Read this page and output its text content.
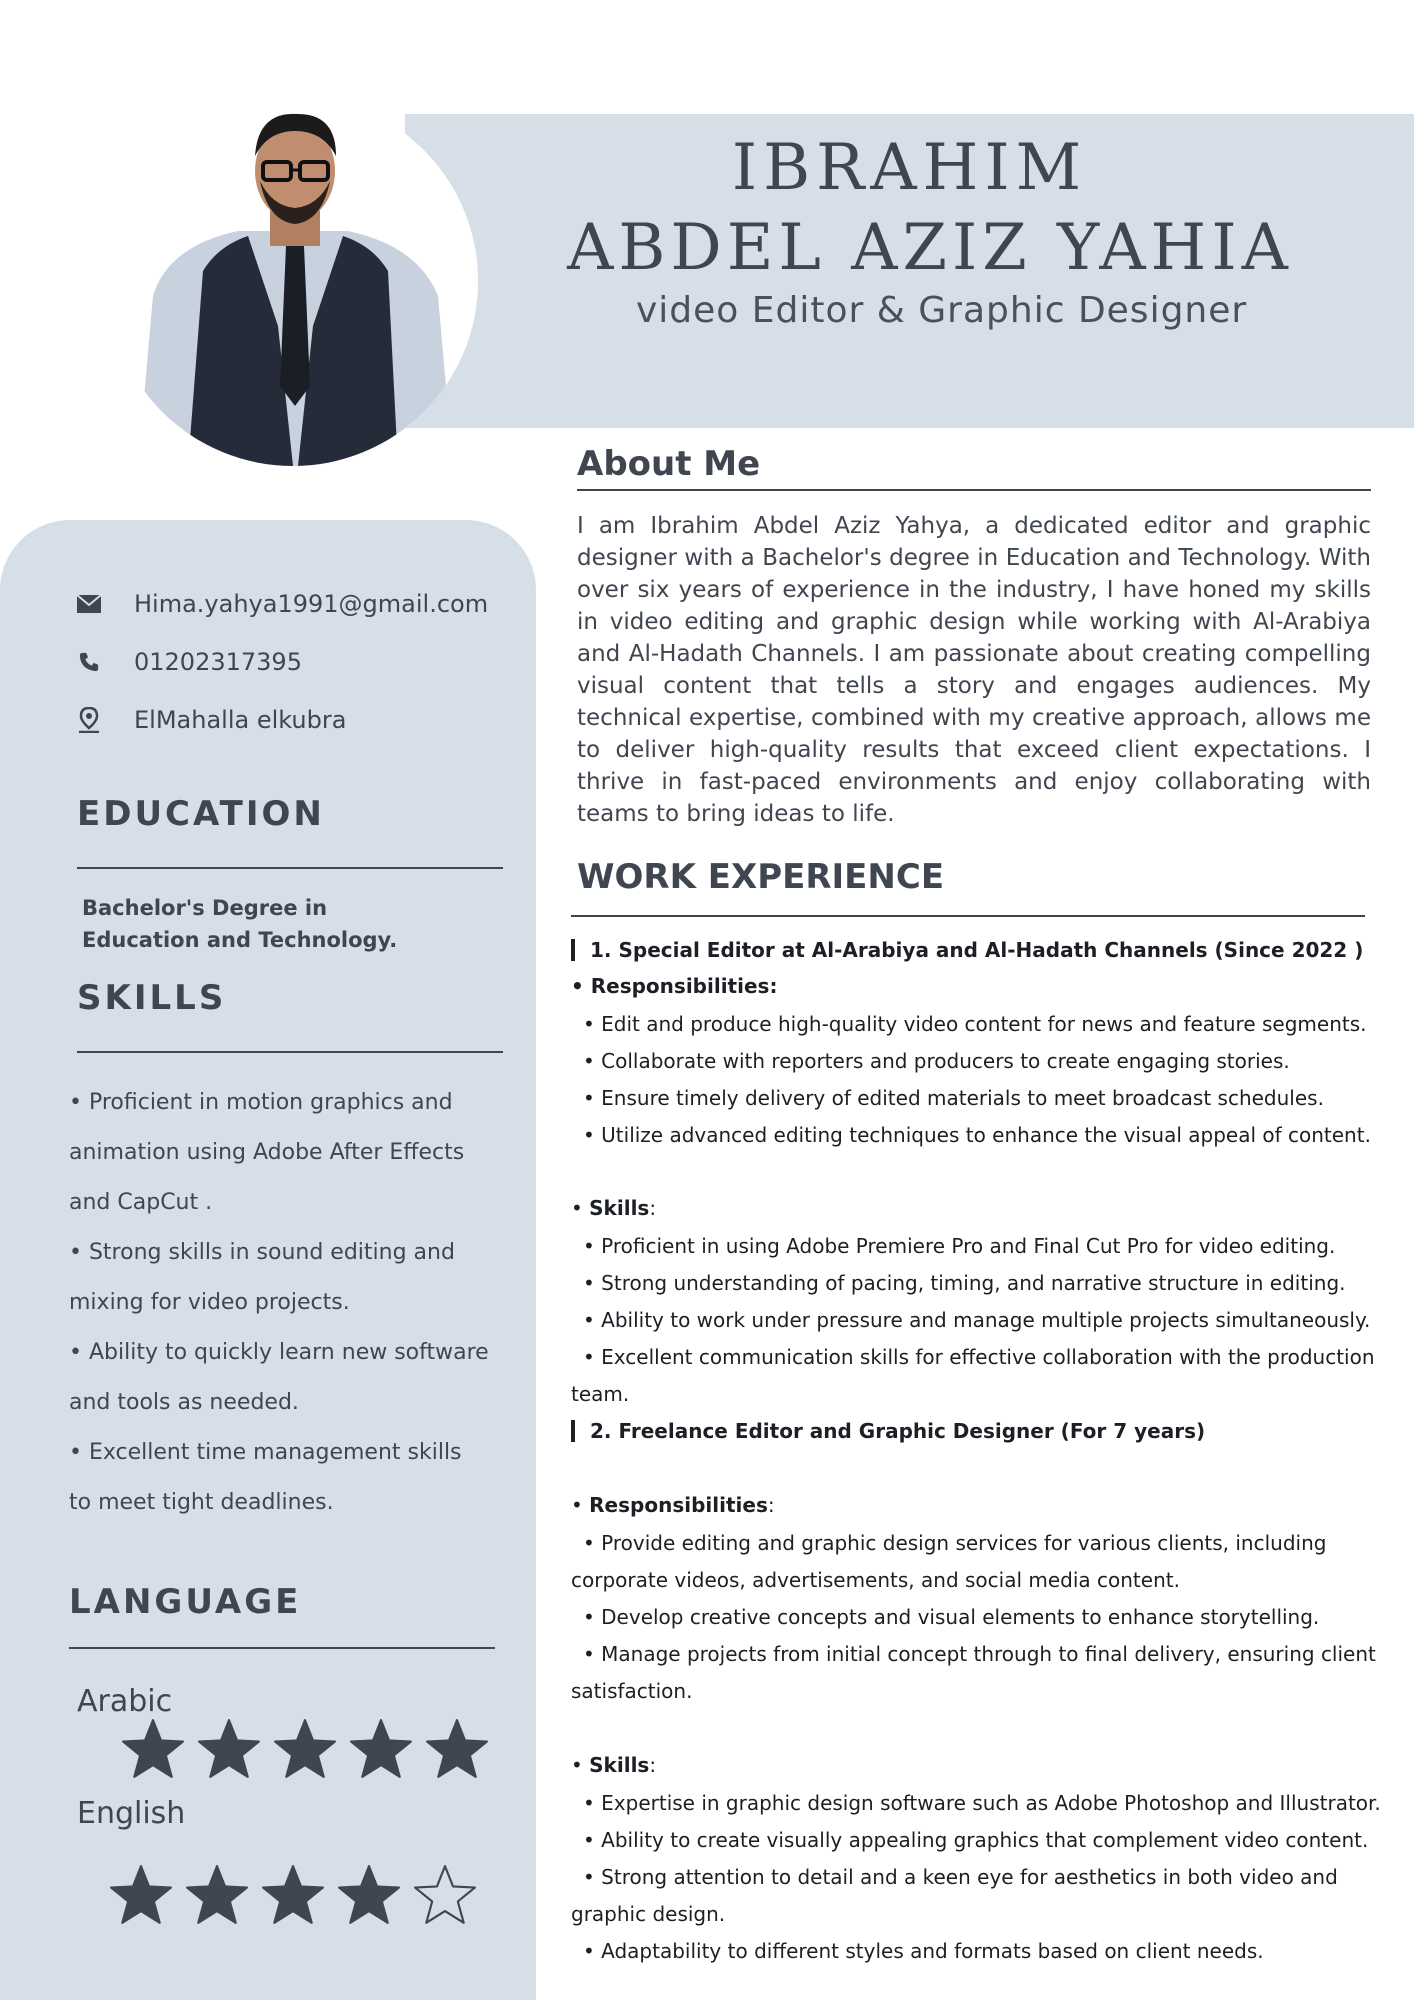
IBRAHIM
ABDEL AZIZ YAHIA
video Editor & Graphic Designer
Hima.yahya1991@gmail.com
01202317395
ElMahalla elkubra
EDUCATION
Bachelor's Degree in Education and Technology.
SKILLS
• Proficient in motion graphics and
animation using Adobe After Effects
and CapCut .
• Strong skills in sound editing and
mixing for video projects.
• Ability to quickly learn new software
and tools as needed.
• Excellent time management skills
to meet tight deadlines.
LANGUAGE
Arabic
English
About Me

I am Ibrahim Abdel Aziz Yahya, a dedicated editor and graphic designer with a Bachelor's degree in Education and Technology. With over six years of experience in the industry, I have honed my skills in video editing and graphic design while working with Al-Arabiya and Al-Hadath Channels. I am passionate about creating compelling visual content that tells a story and engages audiences. My technical expertise, combined with my creative approach, allows me to deliver high-quality results that exceed client expectations. I thrive in fast-paced environments and enjoy collaborating with teams to bring ideas to life.

WORK EXPERIENCE
1. Special Editor at Al-Arabiya and Al-Hadath Channels (Since 2022 )
• Responsibilities:
• Edit and produce high-quality video content for news and feature segments.
• Collaborate with reporters and producers to create engaging stories.
• Ensure timely delivery of edited materials to meet broadcast schedules.
• Utilize advanced editing techniques to enhance the visual appeal of content.
• Skills:
• Proficient in using Adobe Premiere Pro and Final Cut Pro for video editing.
• Strong understanding of pacing, timing, and narrative structure in editing.
• Ability to work under pressure and manage multiple projects simultaneously.
• Excellent communication skills for effective collaboration with the production
team.
2. Freelance Editor and Graphic Designer (For 7 years)
• Responsibilities:
• Provide editing and graphic design services for various clients, including
corporate videos, advertisements, and social media content.
• Develop creative concepts and visual elements to enhance storytelling.
• Manage projects from initial concept through to final delivery, ensuring client
satisfaction.
• Skills:
• Expertise in graphic design software such as Adobe Photoshop and Illustrator.
• Ability to create visually appealing graphics that complement video content.
• Strong attention to detail and a keen eye for aesthetics in both video and
graphic design.
• Adaptability to different styles and formats based on client needs.
